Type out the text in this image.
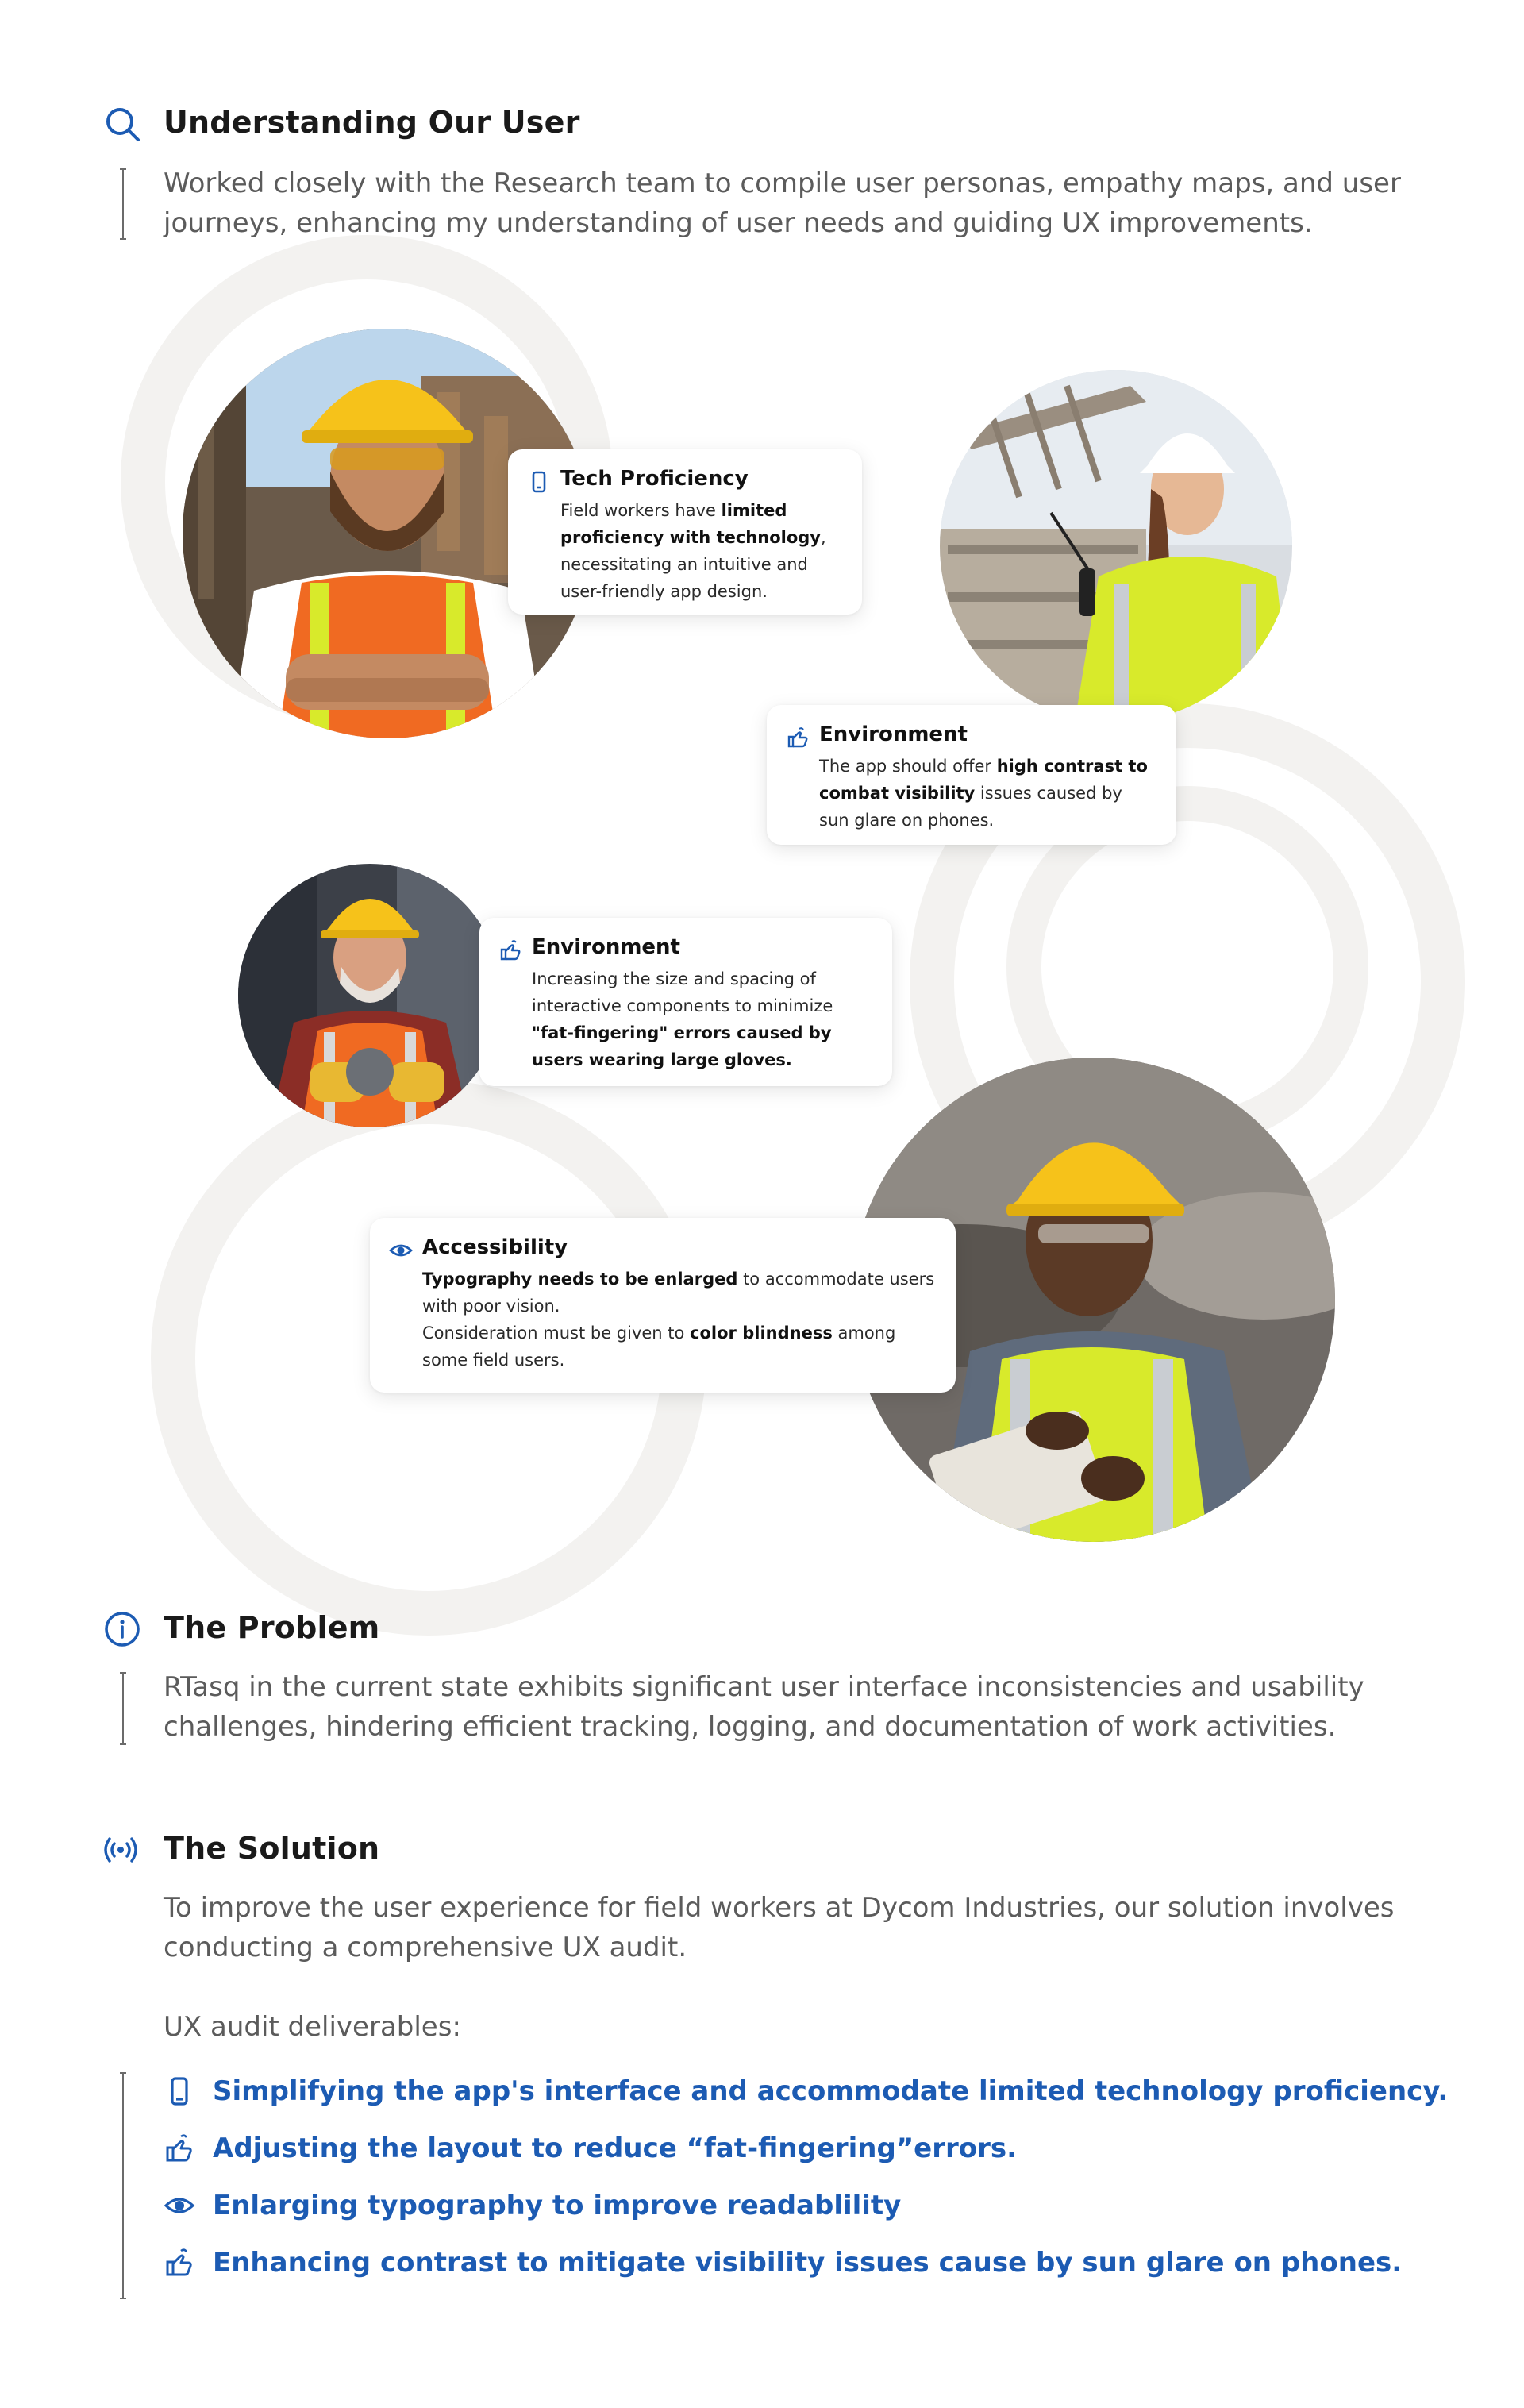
Understanding Our User
Worked closely with the Research team to compile user personas, empathy maps, and user
journeys, enhancing my understanding of user needs and guiding UX improvements.
Tech Proficiency

Field workers have limited

proficiency with technology,

necessitating an intuitive and

user-friendly app design.

Environment

The app should offer high contrast to

combat visibility issues caused by

sun glare on phones.

Environment

Increasing the size and spacing of

interactive components to minimize

"fat-fingering" errors caused by

users wearing large gloves.

Accessibility

Typography needs to be enlarged to accommodate users

with poor vision.

Consideration must be given to color blindness among

some field users.

The Problem
RTasq in the current state exhibits significant user interface inconsistencies and usability
challenges, hindering efficient tracking, logging, and documentation of work activities.
The Solution
To improve the user experience for field workers at Dycom Industries, our solution involves
conducting a comprehensive UX audit.
UX audit deliverables:
Simplifying the app's interface and accommodate limited technology proficiency.
Adjusting the layout to reduce “fat-fingering”errors.
Enlarging typography to improve readablility
Enhancing contrast to mitigate visibility issues cause by sun glare on phones.
